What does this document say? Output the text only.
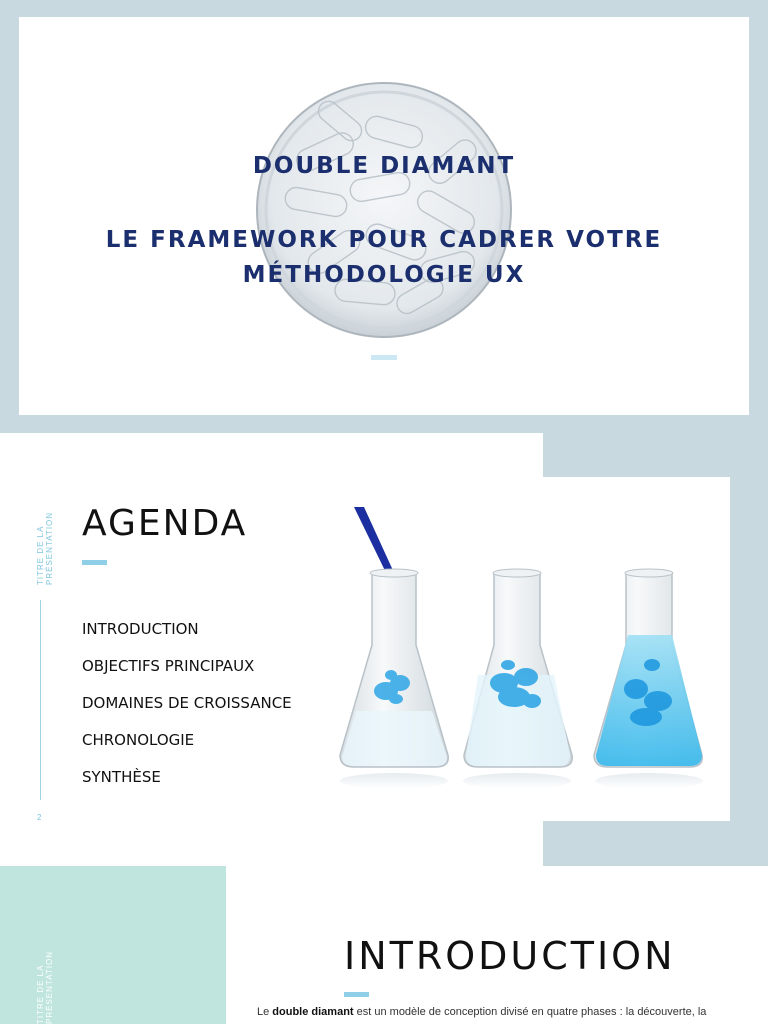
DOUBLE DIAMANT
LE FRAMEWORK POUR CADRER VOTRE
MÉTHODOLOGIE UX
TITRE DE LA
2
AGENDA
INTRODUCTION
OBJECTIFS PRINCIPAUX
DOMAINES DE CROISSANCE
CHRONOLOGIE
SYNTHÈSE
TITRE DE LA PRÉSENTATION	INTRODUCTION

Le double diamant est un modèle de conception divisé en quatre phases : la découverte, la
